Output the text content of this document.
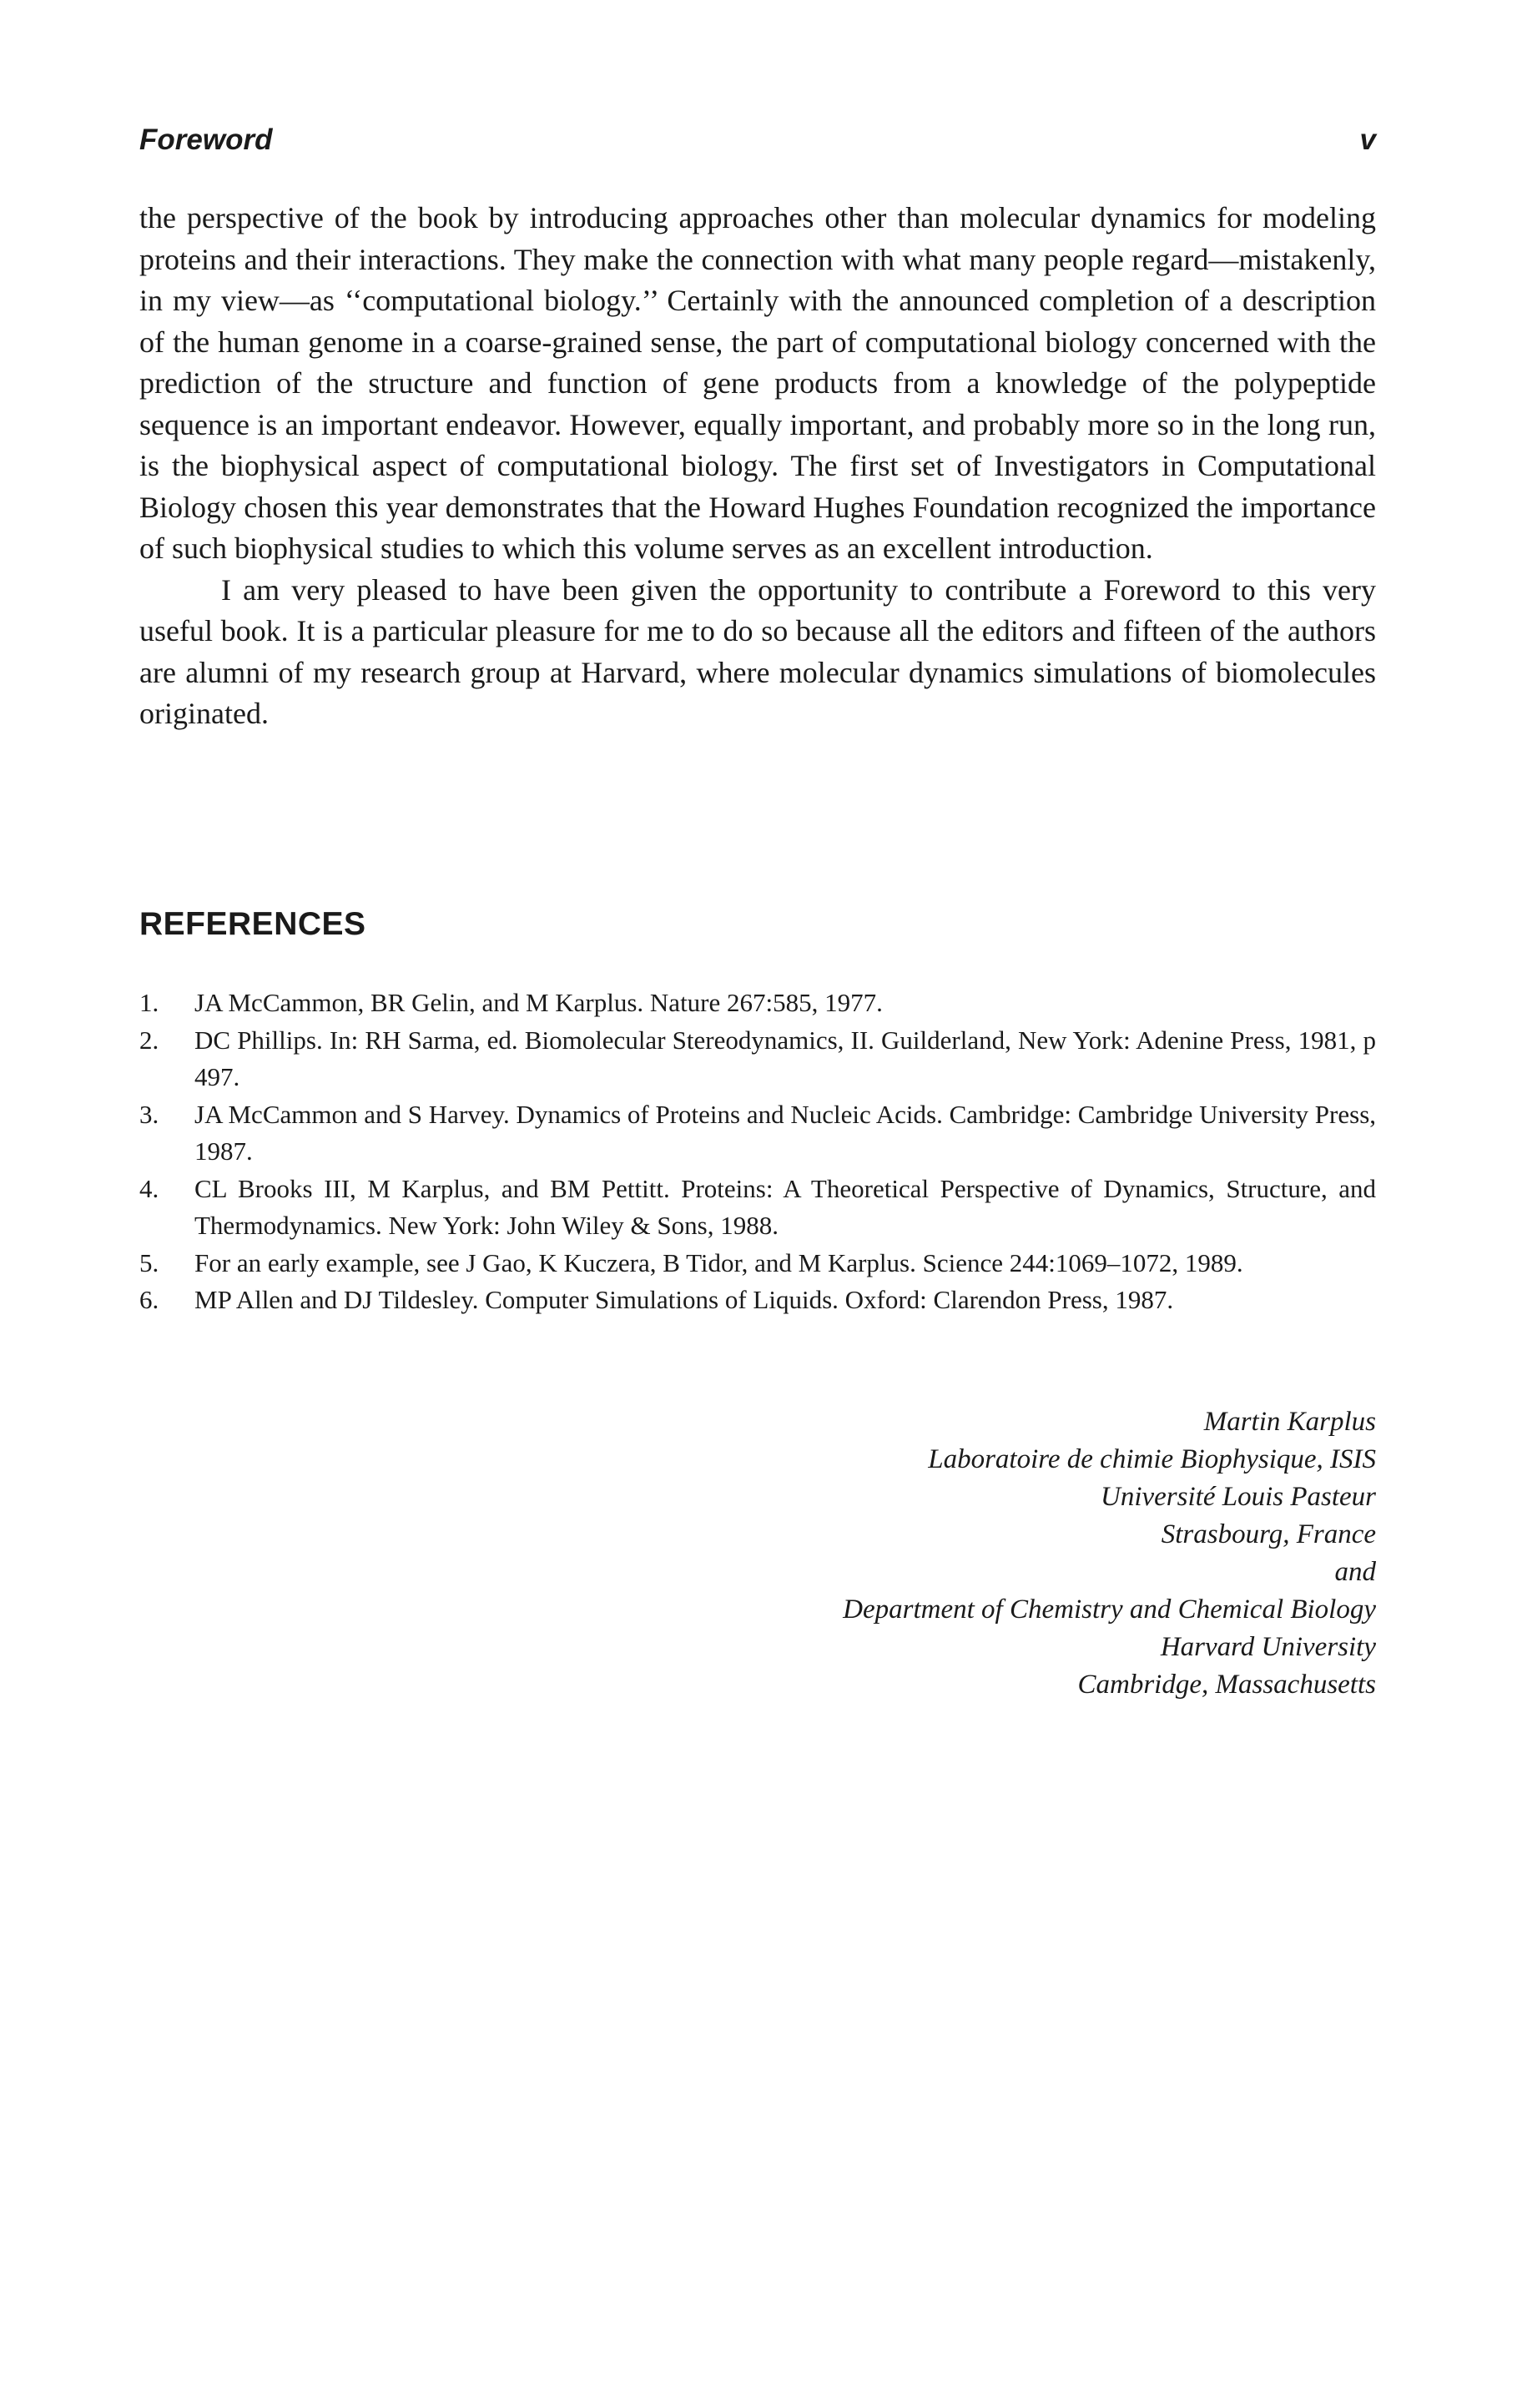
Foreword	v

the perspective of the book by introducing approaches other than molecular dynamics for modeling proteins and their interactions. They make the connection with what many people regard—mistakenly, in my view—as ‘‘computational biology.’’ Certainly with the announced completion of a description of the human genome in a coarse-grained sense, the part of computational biology concerned with the prediction of the structure and function of gene products from a knowledge of the polypeptide sequence is an important endeavor. However, equally important, and probably more so in the long run, is the biophysical aspect of computational biology. The first set of Investigators in Computational Biology chosen this year demonstrates that the Howard Hughes Foundation recognized the importance of such biophysical studies to which this volume serves as an excellent introduction.

I am very pleased to have been given the opportunity to contribute a Foreword to this very useful book. It is a particular pleasure for me to do so because all the editors and fifteen of the authors are alumni of my research group at Harvard, where molecular dynamics simulations of biomolecules originated.

REFERENCES
1. JA McCammon, BR Gelin, and M Karplus. Nature 267:585, 1977.
2. DC Phillips. In: RH Sarma, ed. Biomolecular Stereodynamics, II. Guilderland, New York: Adenine Press, 1981, p 497.
3. JA McCammon and S Harvey. Dynamics of Proteins and Nucleic Acids. Cambridge: Cambridge University Press, 1987.
4. CL Brooks III, M Karplus, and BM Pettitt. Proteins: A Theoretical Perspective of Dynamics, Structure, and Thermodynamics. New York: John Wiley & Sons, 1988.
5. For an early example, see J Gao, K Kuczera, B Tidor, and M Karplus. Science 244:1069–1072, 1989.
6. MP Allen and DJ Tildesley. Computer Simulations of Liquids. Oxford: Clarendon Press, 1987.
Martin Karplus
Laboratoire de chimie Biophysique, ISIS
Université Louis Pasteur
Strasbourg, France
and
Department of Chemistry and Chemical Biology
Harvard University
Cambridge, Massachusetts
